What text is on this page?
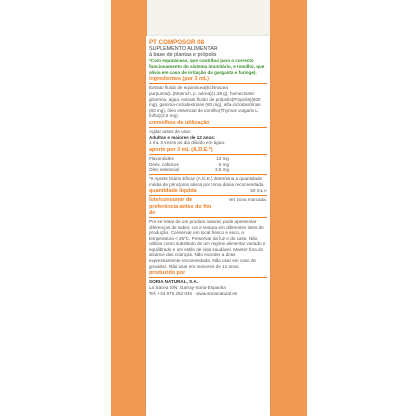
PT COMPOSOR 08
SUPLEMENTO ALIMENTAR
à base de plantas e própolis
*Com equináceas, que contribui para o correcto funcionamento do sistema imunitário, e tomilho, que alivia em caso de irritação da garganta e faringe).
ingredientes (por 3 mL)
Extrato fluído de equinácea(Echinacea purpurea(L.)Moench, p. aérea)(1,38 g), humectante: glicerina, água, extrato fluído de própolis(Propolis)(600 mg), gamma-ciclodextrinas (60 mg), alfa-ciclodextrinas (60 mg), óleo essencial de tomilho(Thymus vulgaris L. folha)(3,5 mg).
conselhos de utilização
Agitar antes de usar.
Adultos e maiores de 12 anos:
1 mL 3 vezes ao dia diluído em água.
aporte por 3 mL (A.D.E.*)
Flavonóides	12 mg
Deriv. cafeicos	6 mg
Óleo essencial	3,5 mg
*0 Aporte Diário Eficaz (A.D.E.) determina a quantidade média de princípios ativos por toma diária recomendada.
quantidade líquida	50 mL ℮
lote/consumir de preferência antes do fim de
Ver zona marcada.
Por se tratar de um produto natural, pode apresentar diferenças de sabor, cor e textura em diferentes lotes de produção. Conservar em local fresco e seco, a temperatura < 25ºC. Preservar da luz e do calor. Não utilizar como substituto de um regime alimentar variado e equilibrado e um estilo de vida saudável. Manter fora do alcance das crianças. Não exceder a dose expressamente recomendada. Não usar em caso de gravidez. Não usar em menores de 12 anos.
produzido por
SORIA NATURAL, S.A.
La Sacea S/N, Garray-Soria-Espanha
Tel: +34 975 252 046 · www.sorianatural.es
